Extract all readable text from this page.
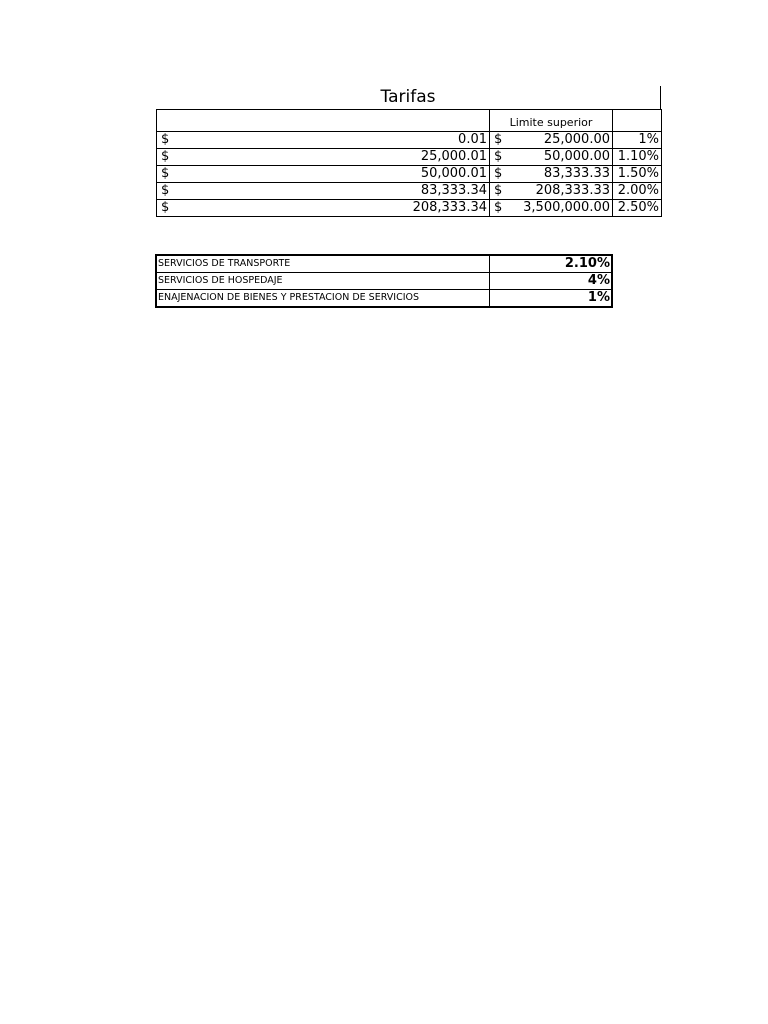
Tarifas
	Limite superior	

$ 0.01	$ 25,000.00	1%

$ 25,000.01	$ 50,000.00	1.10%

$ 50,000.01	$ 83,333.33	1.50%

$ 83,333.34	$ 208,333.33	2.00%

$ 208,333.34	$ 3,500,000.00	2.50%
SERVICIOS DE TRANSPORTE	2.10%
SERVICIOS DE HOSPEDAJE	4%
ENAJENACION DE BIENES Y PRESTACION DE SERVICIOS	1%
